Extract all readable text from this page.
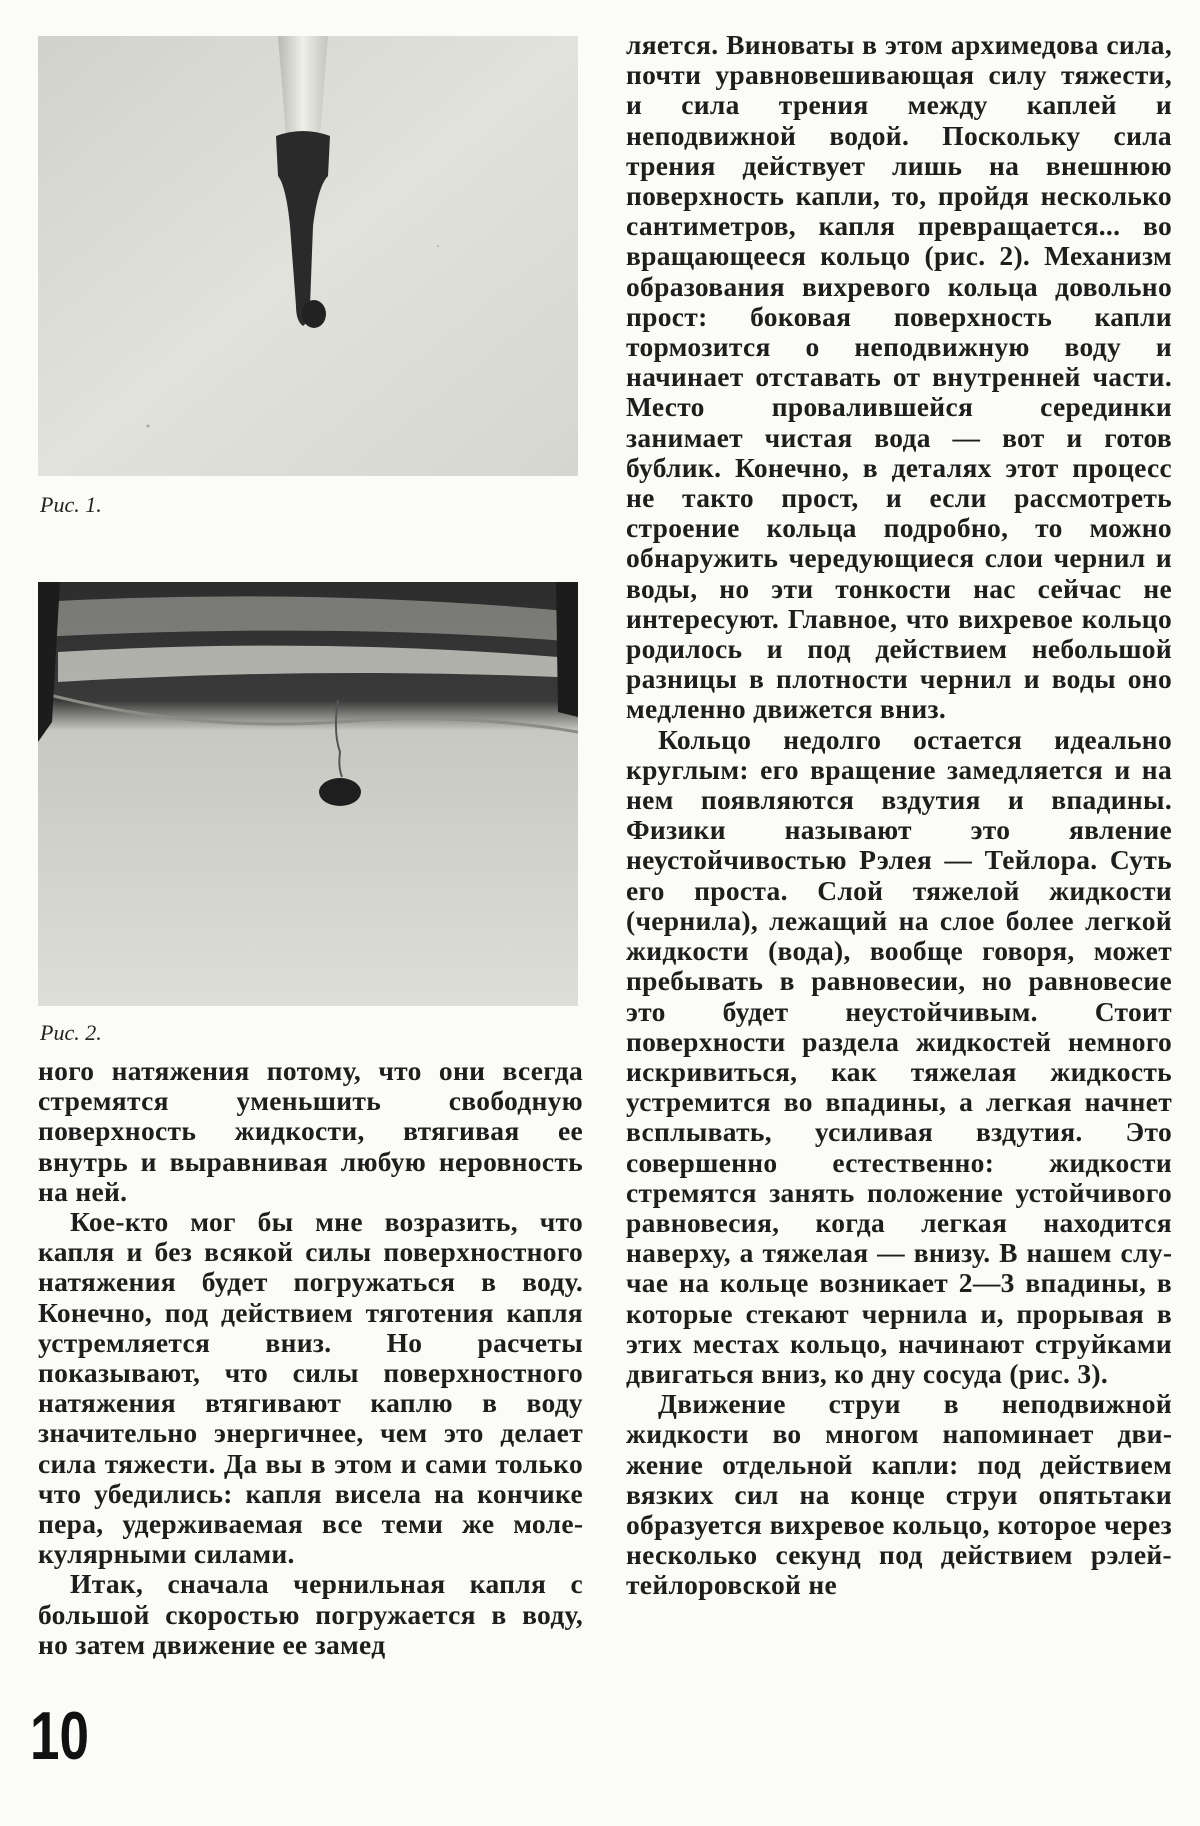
Рис. 1.

Рис. 2.

ного натяжения потому, что они всегда стремятся уменьшить свободную поверхность жидкости, втягивая ее внутрь и выравнивая любую неровность на ней.

Кое-кто мог бы мне возразить, что капля и без всякой силы поверхностного натяжения будет погружаться в воду. Конечно, под действием тяготения капля устремляется вниз. Но расчеты показывают, что силы поверхностного натяжения втягивают каплю в воду значительно энергичнее, чем это делает сила тяжести. Да вы в этом и сами только что убедились: капля висела на кончике пера, удерживаемая все теми же молекулярными силами.

Итак, сначала чернильная капля с большой скоростью погружается в воду, но затем движение ее замед

ляется. Виноваты в этом архимедова сила, почти уравновешивающая силу тяжести, и сила трения между каплей и неподвижной водой. Поскольку сила трения действует лишь на внешнюю поверхность капли, то, пройдя несколько сантиметров, капля превращается... во вращающееся кольцо (рис. 2). Механизм образования вихревого кольца довольно прост: боковая поверхность капли тормозится о неподвижную воду и начинает отставать от внутренней части. Место провалившейся серединки занимает чистая вода — вот и готов бублик. Конечно, в деталях этот процесс не такто прост, и если рассмотреть строение кольца подробно, то можно обнаружить чередующиеся слои чернил и воды, но эти тонкости нас сейчас не интересуют. Главное, что вихревое кольцо родилось и под действием небольшой разницы в плотности чернил и воды оно медленно движется вниз.

Кольцо недолго остается идеально круглым: его вращение замедляется и на нем появляются вздутия и впадины. Физики называют это явление неустойчивостью Рэлея — Тейлора. Суть его проста. Слой тяжелой жидкости (чернила), лежащий на слое более легкой жидкости (вода), вообще говоря, может пребывать в равновесии, но равновесие это будет неустойчивым. Стоит поверхности раздела жидкостей немного искривиться, как тяжелая жидкость устремится во впадины, а легкая начнет всплывать, усиливая вздутия. Это совершенно естественно: жидкости стремятся занять положение устойчивого равновесия, когда легкая находится наверху, а тяжелая — внизу. В нашем случае на кольце возникает 2—3 впадины, в которые стекают чернила и, прорывая в этих местах кольцо, начинают струйками двигаться вниз, ко дну сосуда (рис. 3).

Движение струи в неподвижной жидкости во многом напоминает движение отдельной капли: под действием вязких сил на конце струи опятьтаки образуется вихревое кольцо, которое через несколько секунд под действием рэлей-тейлоровской не

10
